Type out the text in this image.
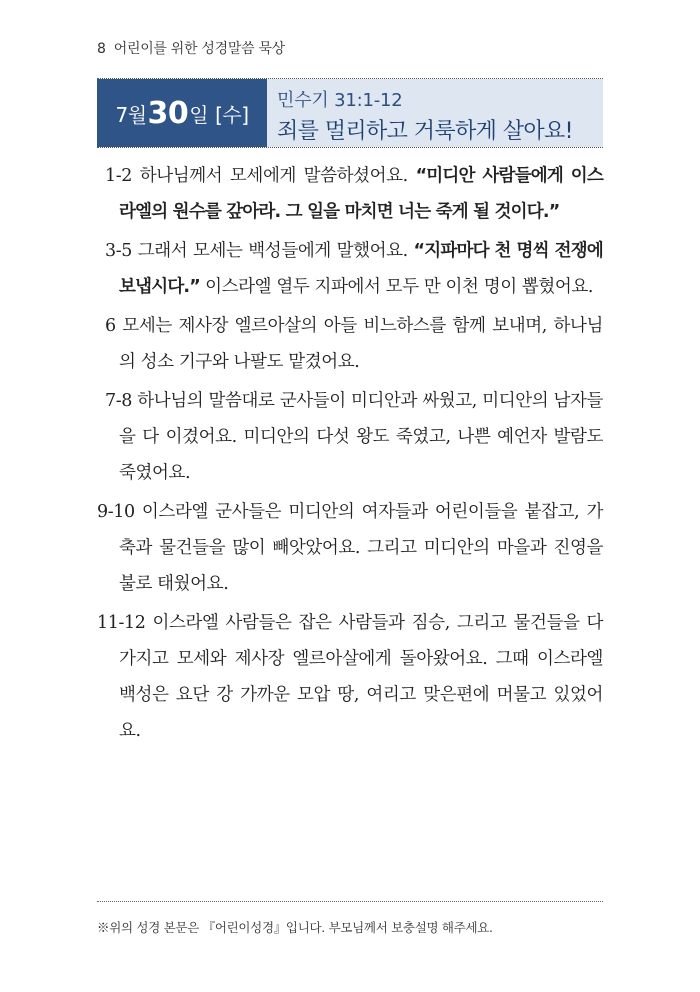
8 어린이를 위한 성경말씀 묵상
7월 30 일 [수]
민수기 31:1-12
죄를 멀리하고 거룩하게 살아요!

1-2 하나님께서 모세에게 말씀하셨어요. “미디안 사람들에게 이스라엘의 원수를 갚아라. 그 일을 마치면 너는 죽게 될 것이다.”

3-5 그래서 모세는 백성들에게 말했어요. “지파마다 천 명씩 전쟁에 보냅시다.” 이스라엘 열두 지파에서 모두 만 이천 명이 뽑혔어요.

6 모세는 제사장 엘르아살의 아들 비느하스를 함께 보내며, 하나님의 성소 기구와 나팔도 맡겼어요.

7-8 하나님의 말씀대로 군사들이 미디안과 싸웠고, 미디안의 남자들을 다 이겼어요. 미디안의 다섯 왕도 죽였고, 나쁜 예언자 발람도 죽였어요.

9-10 이스라엘 군사들은 미디안의 여자들과 어린이들을 붙잡고, 가축과 물건들을 많이 빼앗았어요. 그리고 미디안의 마을과 진영을 불로 태웠어요.

11-12 이스라엘 사람들은 잡은 사람들과 짐승, 그리고 물건들을 다 가지고 모세와 제사장 엘르아살에게 돌아왔어요. 그때 이스라엘 백성은 요단 강 가까운 모압 땅, 여리고 맞은편에 머물고 있었어요.

※위의 성경 본문은 『어린이성경』입니다. 부모님께서 보충설명 해주세요.
